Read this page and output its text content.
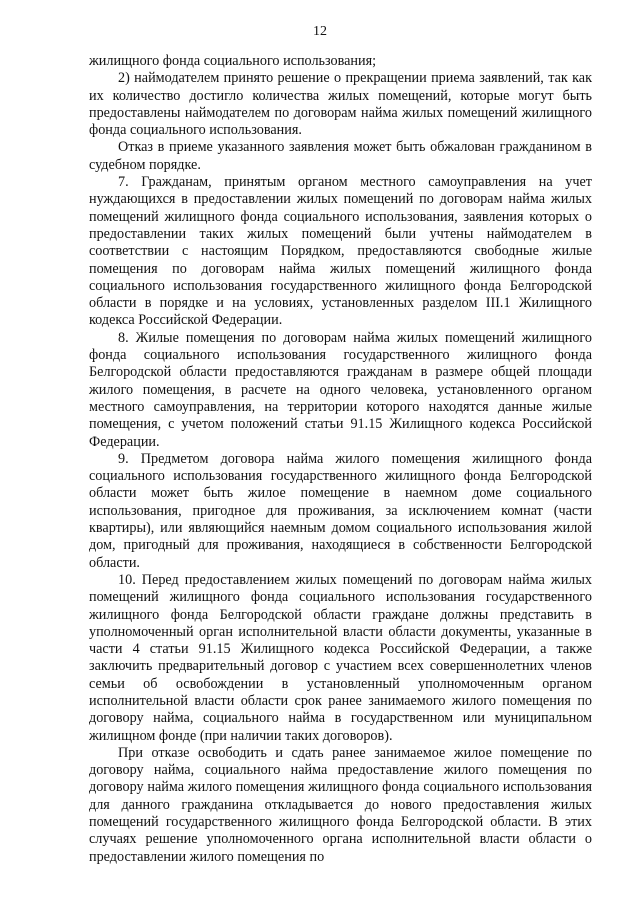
12

жилищного фонда социального использования;

2) наймодателем принято решение о прекращении приема заявлений, так как их количество достигло количества жилых помещений, которые могут быть предоставлены наймодателем по договорам найма жилых помещений жилищного фонда социального использования.

Отказ в приеме указанного заявления может быть обжалован гражданином в судебном порядке.

7. Гражданам, принятым органом местного самоуправления на учет нуждающихся в предоставлении жилых помещений по договорам найма жилых помещений жилищного фонда социального использования, заявления которых о предоставлении таких жилых помещений были учтены наймодателем в соответствии с настоящим Порядком, предоставляются свободные жилые помещения по договорам найма жилых помещений жилищного фонда социального использования государственного жилищного фонда Белгородской области в порядке и на условиях, установленных разделом III.1 Жилищного кодекса Российской Федерации.

8. Жилые помещения по договорам найма жилых помещений жилищного фонда социального использования государственного жилищного фонда Белгородской области предоставляются гражданам в размере общей площади жилого помещения, в расчете на одного человека, установленного органом местного самоуправления, на территории которого находятся данные жилые помещения, с учетом положений статьи 91.15 Жилищного кодекса Российской Федерации.

9. Предметом договора найма жилого помещения жилищного фонда социального использования государственного жилищного фонда Белгородской области может быть жилое помещение в наемном доме социального использования, пригодное для проживания, за исключением комнат (части квартиры), или являющийся наемным домом социального использования жилой дом, пригодный для проживания, находящиеся в собственности Белгородской области.

10. Перед предоставлением жилых помещений по договорам найма жилых помещений жилищного фонда социального использования государственного жилищного фонда Белгородской области граждане должны представить в уполномоченный орган исполнительной власти области документы, указанные в части 4 статьи 91.15 Жилищного кодекса Российской Федерации, а также заключить предварительный договор с участием всех совершеннолетних членов семьи об освобождении в установленный уполномоченным органом исполнительной власти области срок ранее занимаемого жилого помещения по договору найма, социального найма в государственном или муниципальном жилищном фонде (при наличии таких договоров).

При отказе освободить и сдать ранее занимаемое жилое помещение по договору найма, социального найма предоставление жилого помещения по договору найма жилого помещения жилищного фонда социального использования для данного гражданина откладывается до нового предоставления жилых помещений государственного жилищного фонда Белгородской области. В этих случаях решение уполномоченного органа исполнительной власти области о предоставлении жилого помещения по
